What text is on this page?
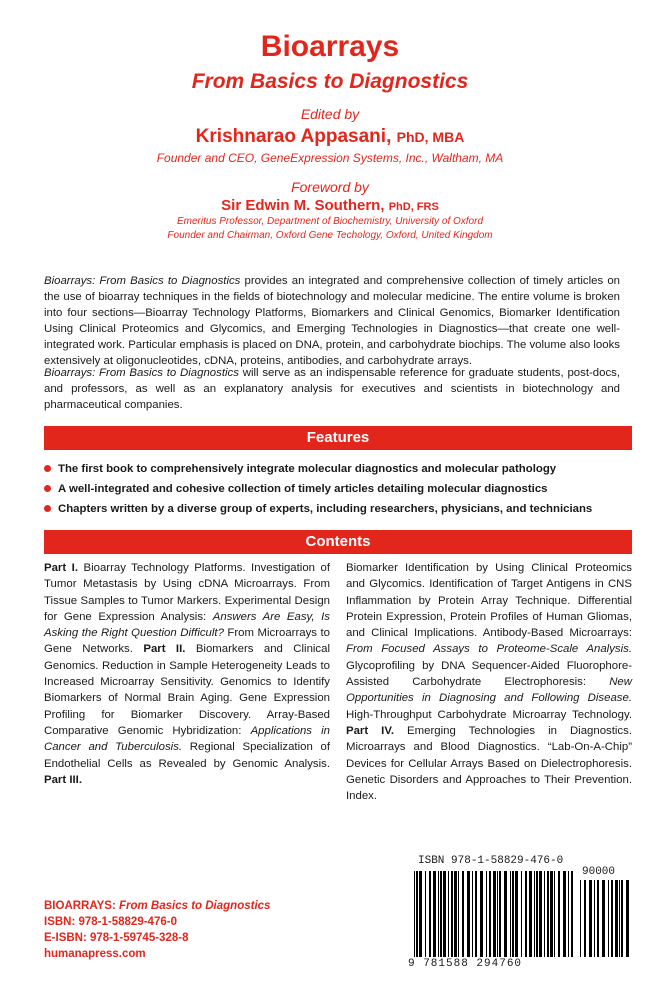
Bioarrays
From Basics to Diagnostics
Edited by
Krishnarao Appasani, PhD, MBA
Founder and CEO, GeneExpression Systems, Inc., Waltham, MA
Foreword by
Sir Edwin M. Southern, PhD, FRS
Emeritus Professor, Department of Biochemistry, University of Oxford
Founder and Chairman, Oxford Gene Techology, Oxford, United Kingdom

Bioarrays: From Basics to Diagnostics provides an integrated and comprehensive collection of timely articles on the use of bioarray techniques in the fields of biotechnology and molecular medicine. The entire volume is broken into four sections—Bioarray Technology Platforms, Biomarkers and Clinical Genomics, Biomarker Identification Using Clinical Proteomics and Glycomics, and Emerging Technologies in Diagnostics—that create one well-integrated work. Particular emphasis is placed on DNA, protein, and carbohydrate biochips. The volume also looks extensively at oligonucleotides, cDNA, proteins, antibodies, and carbohydrate arrays.

Bioarrays: From Basics to Diagnostics will serve as an indispensable reference for graduate students, post-docs, and professors, as well as an explanatory analysis for executives and scientists in biotechnology and pharmaceutical companies.

Features
The first book to comprehensively integrate molecular diagnostics and molecular pathology
A well-integrated and cohesive collection of timely articles detailing molecular diagnostics
Chapters written by a diverse group of experts, including researchers, physicians, and technicians
Contents

Part I. Bioarray Technology Platforms. Investigation of Tumor Metastasis by Using cDNA Microarrays. From Tissue Samples to Tumor Markers. Experimental Design for Gene Expression Analysis: Answers Are Easy, Is Asking the Right Question Difficult? From Microarrays to Gene Networks. Part II. Biomarkers and Clinical Genomics. Reduction in Sample Heterogeneity Leads to Increased Microarray Sensitivity. Genomics to Identify Biomarkers of Normal Brain Aging. Gene Expression Profiling for Biomarker Discovery. Array-Based Comparative Genomic Hybridization: Applications in Cancer and Tuberculosis. Regional Specialization of Endothelial Cells as Revealed by Genomic Analysis. Part III.

Biomarker Identification by Using Clinical Proteomics and Glycomics. Identification of Target Antigens in CNS Inflammation by Protein Array Technique. Differential Protein Expression, Protein Profiles of Human Gliomas, and Clinical Implications. Antibody-Based Microarrays: From Focused Assays to Proteome-Scale Analysis. Glycoprofiling by DNA Sequencer-Aided Fluorophore-Assisted Carbohydrate Electrophoresis: New Opportunities in Diagnosing and Following Disease. High-Throughput Carbohydrate Microarray Technology. Part IV. Emerging Technologies in Diagnostics. Microarrays and Blood Diagnostics. “Lab-On-A-Chip” Devices for Cellular Arrays Based on Dielectrophoresis. Genetic Disorders and Approaches to Their Prevention. Index.

BIOARRAYS: From Basics to Diagnostics
ISBN: 978-1-58829-476-0
E-ISBN: 978-1-59745-328-8
humanapress.com
ISBN 978-1-58829-476-0
90000
9 781588 294760
